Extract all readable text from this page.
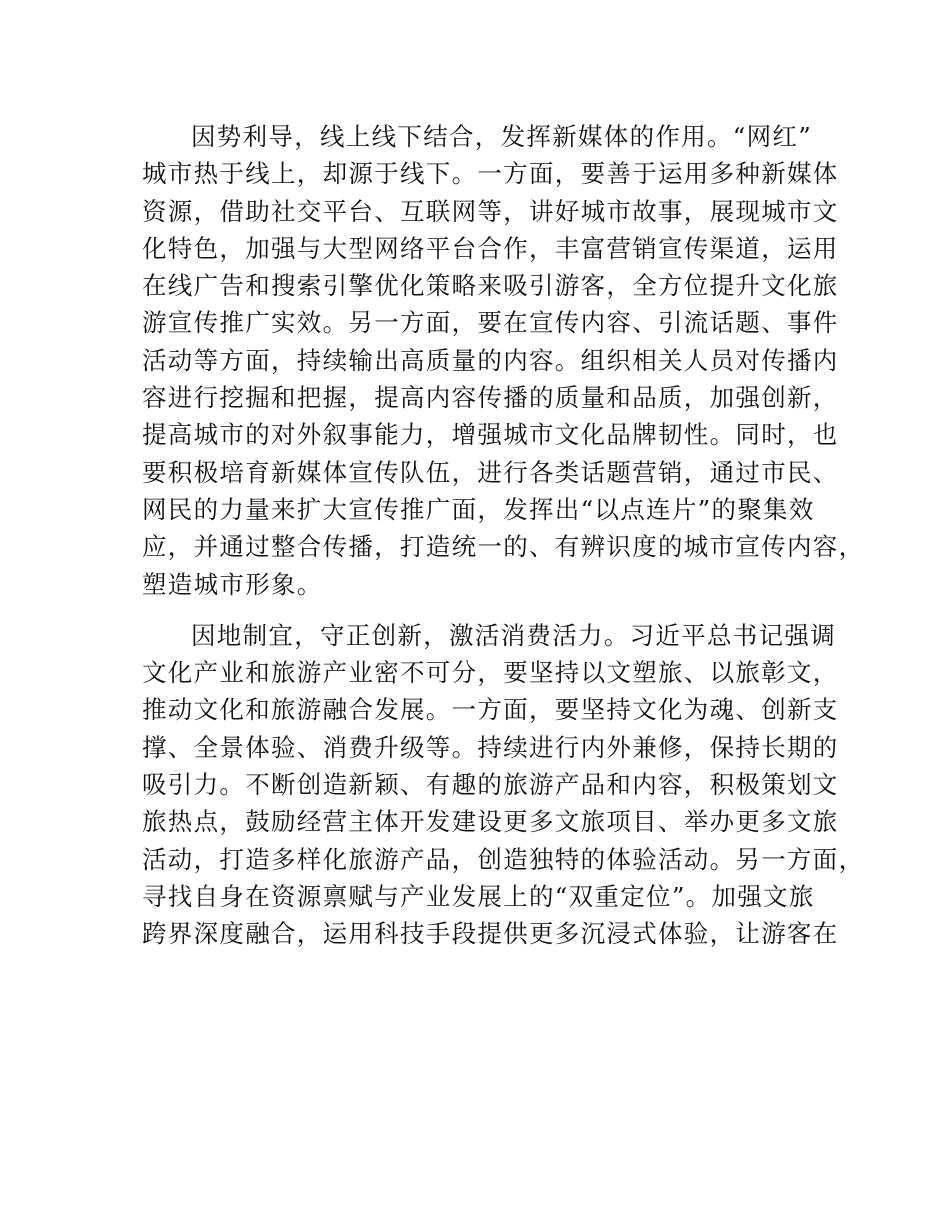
因势利导，线上线下结合，发挥新媒体的作用。“网红”
城市热于线上，却源于线下。一方面，要善于运用多种新媒体
资源，借助社交平台、互联网等，讲好城市故事，展现城市文
化特色，加强与大型网络平台合作，丰富营销宣传渠道，运用
在线广告和搜索引擎优化策略来吸引游客，全方位提升文化旅
游宣传推广实效。另一方面，要在宣传内容、引流话题、事件
活动等方面，持续输出高质量的内容。组织相关人员对传播内
容进行挖掘和把握，提高内容传播的质量和品质，加强创新，
提高城市的对外叙事能力，增强城市文化品牌韧性。同时，也
要积极培育新媒体宣传队伍，进行各类话题营销，通过市民、
网民的力量来扩大宣传推广面，发挥出“以点连片”的聚集效
应，并通过整合传播，打造统一的、有辨识度的城市宣传内容，
塑造城市形象。
因地制宜，守正创新，激活消费活力。习近平总书记强调
文化产业和旅游产业密不可分，要坚持以文塑旅、以旅彰文，
推动文化和旅游融合发展。一方面，要坚持文化为魂、创新支
撑、全景体验、消费升级等。持续进行内外兼修，保持长期的
吸引力。不断创造新颖、有趣的旅游产品和内容，积极策划文
旅热点，鼓励经营主体开发建设更多文旅项目、举办更多文旅
活动，打造多样化旅游产品，创造独特的体验活动。另一方面，
寻找自身在资源禀赋与产业发展上的“双重定位”。加强文旅
跨界深度融合，运用科技手段提供更多沉浸式体验，让游客在
